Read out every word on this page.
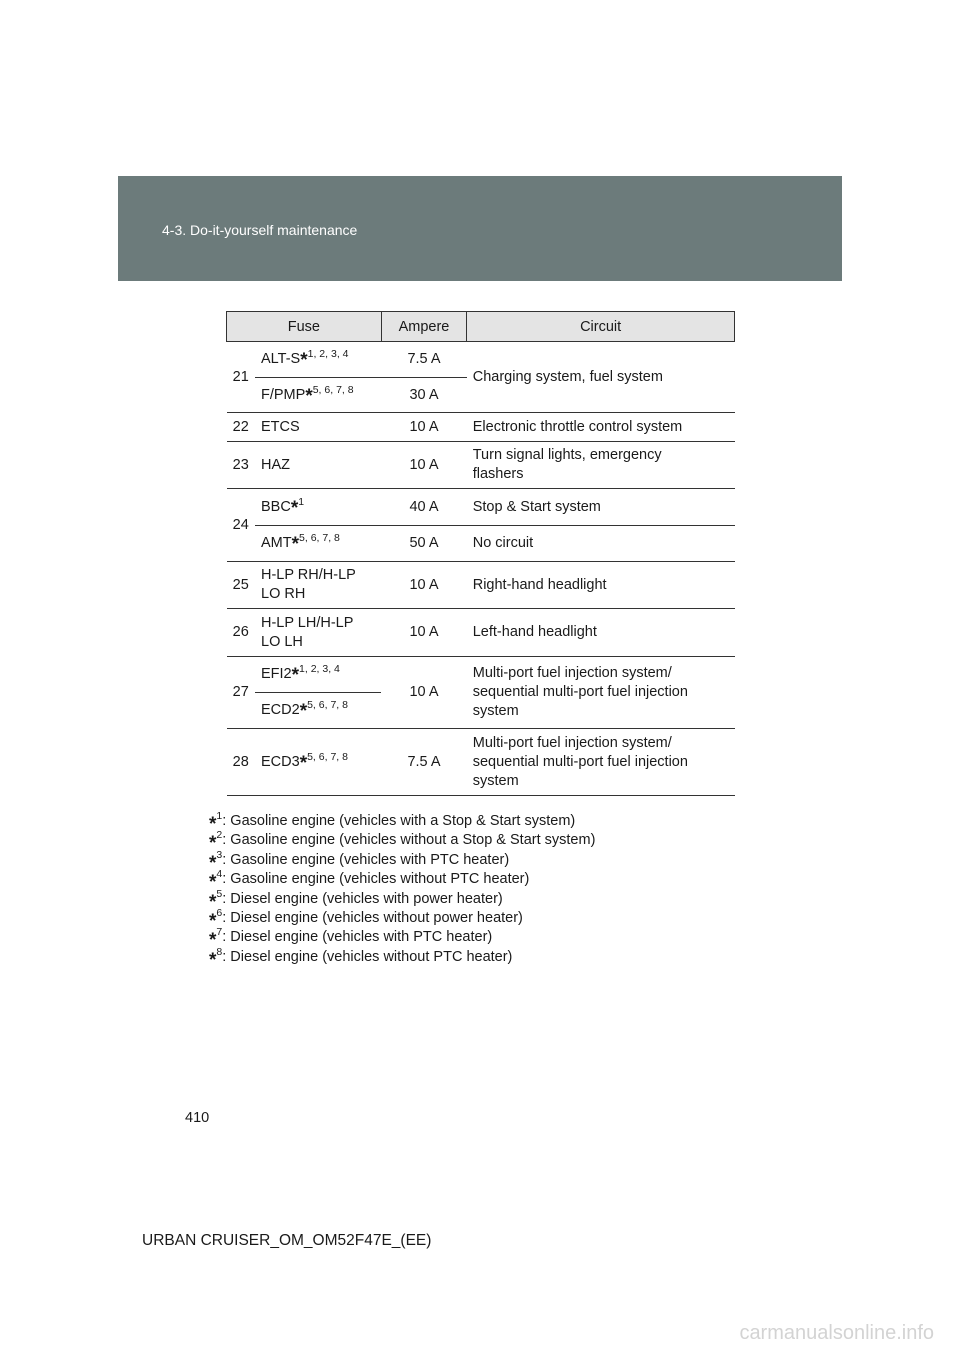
4-3. Do-it-yourself maintenance
Fuse		Ampere	Circuit
21	ALT-S*$^{1, 2, 3, 4}$	7.5 A	Charging system, fuel system
	F/PMP*$^{5, 6, 7, 8}$	30 A	
22	ETCS	10 A	Electronic throttle control system
23	HAZ	10 A	Turn signal lights, emergency
flashers

24	BBC*$^1$	40 A	Stop & Start system
	AMT*$^{5, 6, 7, 8}$	50 A	No circuit
25	H-LP RH/H-LP
LO RH	10 A	Right-hand headlight
26	H-LP LH/H-LP
LO LH	10 A	Left-hand headlight
27	EFI2*$^{1, 2, 3, 4}$	10 A	Multi-port fuel injection system/
sequential multi-port fuel injection
system

	ECD2*$^{5, 6, 7, 8}$
28	ECD3*$^{5, 6, 7, 8}$	7.5 A	Multi-port fuel injection system/
sequential multi-port fuel injection
system
*$^1$: Gasoline engine (vehicles with a Stop & Start system)
*$^2$: Gasoline engine (vehicles without a Stop & Start system)
*$^3$: Gasoline engine (vehicles with PTC heater)
*$^4$: Gasoline engine (vehicles without PTC heater)
*$^5$: Diesel engine (vehicles with power heater)
*$^6$: Diesel engine (vehicles without power heater)
*$^7$: Diesel engine (vehicles with PTC heater)
*$^8$: Diesel engine (vehicles without PTC heater)
410
URBAN CRUISER_OM_OM52F47E_(EE)
carmanualsonline.info
